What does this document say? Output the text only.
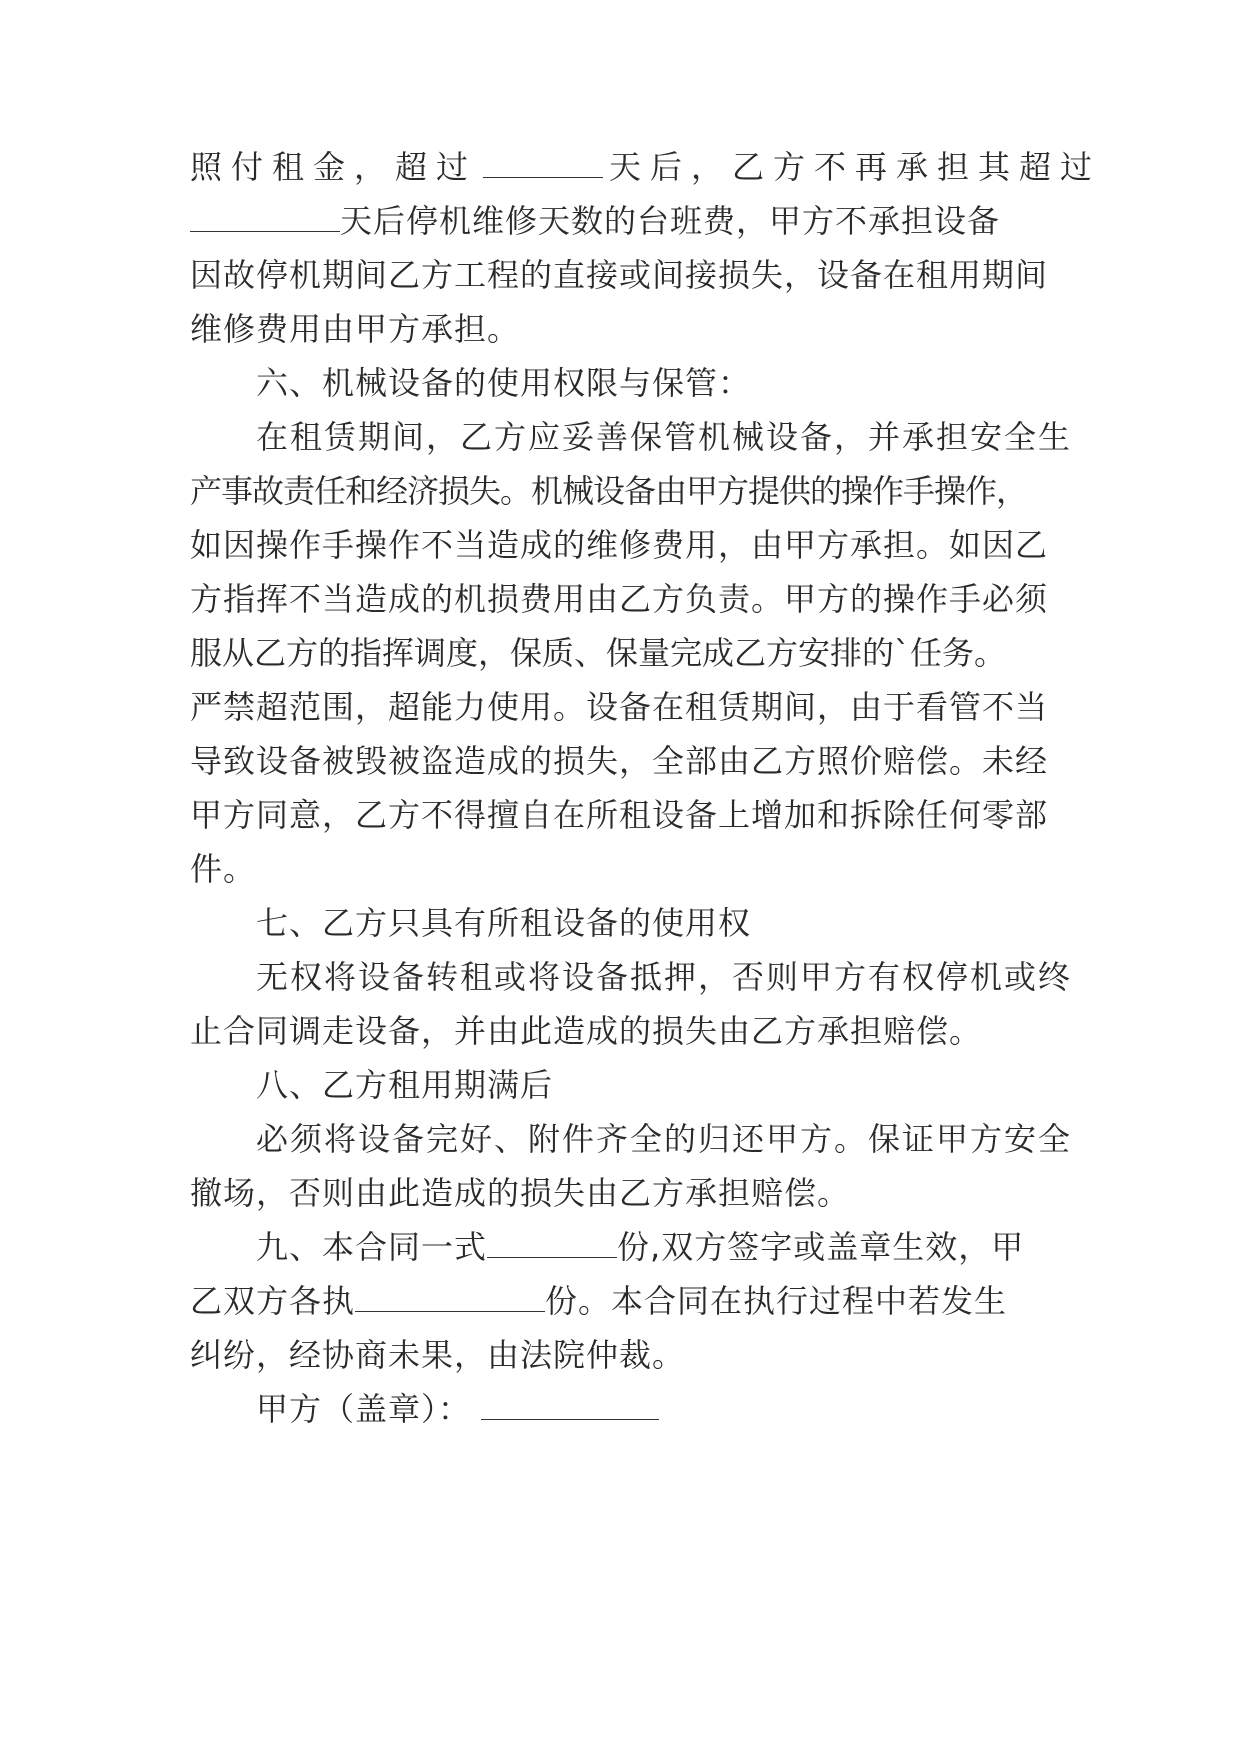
照付租金，超过	天后，乙方不再承担其超过
天后停机维修天数的台班费，甲方不承担设备
因故停机期间乙方工程的直接或间接损失，设备在租用期间
维修费用由甲方承担。
六、机械设备的使用权限与保管：
在租赁期间，乙方应妥善保管机械设备，并承担安全生
产事故责任和经济损失。机械设备由甲方提供的操作手操作，
如因操作手操作不当造成的维修费用，由甲方承担。如因乙
方指挥不当造成的机损费用由乙方负责。甲方的操作手必须
服从乙方的指挥调度，保质、保量完成乙方安排的`任务。
严禁超范围，超能力使用。设备在租赁期间，由于看管不当
导致设备被毁被盗造成的损失，全部由乙方照价赔偿。未经
甲方同意，乙方不得擅自在所租设备上增加和拆除任何零部
件。
七、乙方只具有所租设备的使用权
无权将设备转租或将设备抵押，否则甲方有权停机或终
止合同调走设备，并由此造成的损失由乙方承担赔偿。
八、乙方租用期满后
必须将设备完好、附件齐全的归还甲方。保证甲方安全
撤场，否则由此造成的损失由乙方承担赔偿。
九、本合同一式	份,双方签字或盖章生效，甲
乙双方各执	份。本合同在执行过程中若发生
纠纷，经协商未果，由法院仲裁。
甲方（盖章）：
